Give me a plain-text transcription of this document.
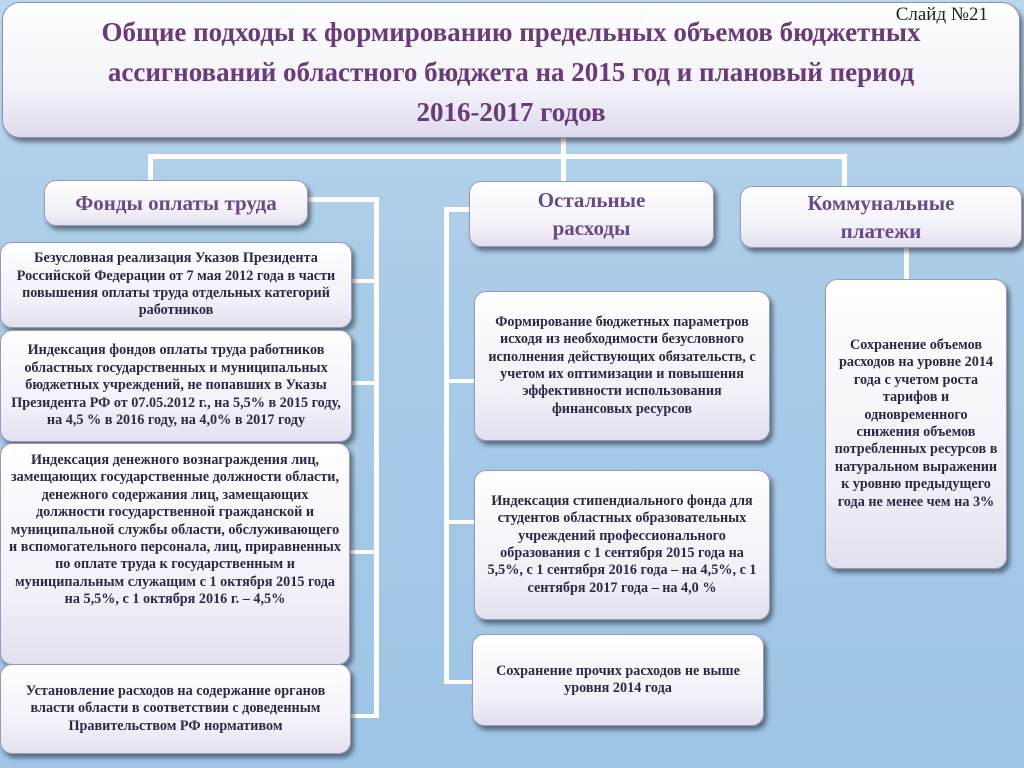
Общие подходы к формированию предельных объемов бюджетных ассигнований областного бюджета на 2015 год и плановый период 2016-2017 годов
Слайд №21
Фонды оплаты труда	Остальные расходы
Коммунальные платежи
Безусловная реализация Указов Президента Российской Федерации от 7 мая 2012 года в части повышения оплаты труда отдельных категорий работников
Индексация фондов оплаты труда работников областных государственных и муниципальных бюджетных учреждений, не попавших в Указы Президента РФ от 07.05.2012 г., на 5,5% в 2015 году, на 4,5 % в 2016 году, на 4,0% в 2017 году
Индексация денежного вознаграждения лиц, замещающих государственные должности области, денежного содержания лиц, замещающих должности государственной гражданской и муниципальной службы области, обслуживающего и вспомогательного персонала, лиц, приравненных по оплате труда к государственным и муниципальным служащим с 1 октября 2015 года на 5,5%, с 1 октября 2016 г. – 4,5%
Установление расходов на содержание органов власти области в соответствии с доведенным Правительством РФ нормативом
Формирование бюджетных параметров исходя из необходимости безусловного исполнения действующих обязательств, с учетом их оптимизации и повышения эффективности использования финансовых ресурсов
Индексация стипендиального фонда для студентов областных образовательных учреждений профессионального образования с 1 сентября 2015 года на 5,5%, с 1 сентября 2016 года – на 4,5%, с 1 сентября 2017 года – на 4,0 %
Сохранение прочих расходов не выше уровня 2014 года
Сохранение объемов расходов на уровне 2014 года с учетом роста тарифов и одновременного снижения объемов потребленных ресурсов в натуральном выражении к уровню предыдущего года не менее чем на 3%
